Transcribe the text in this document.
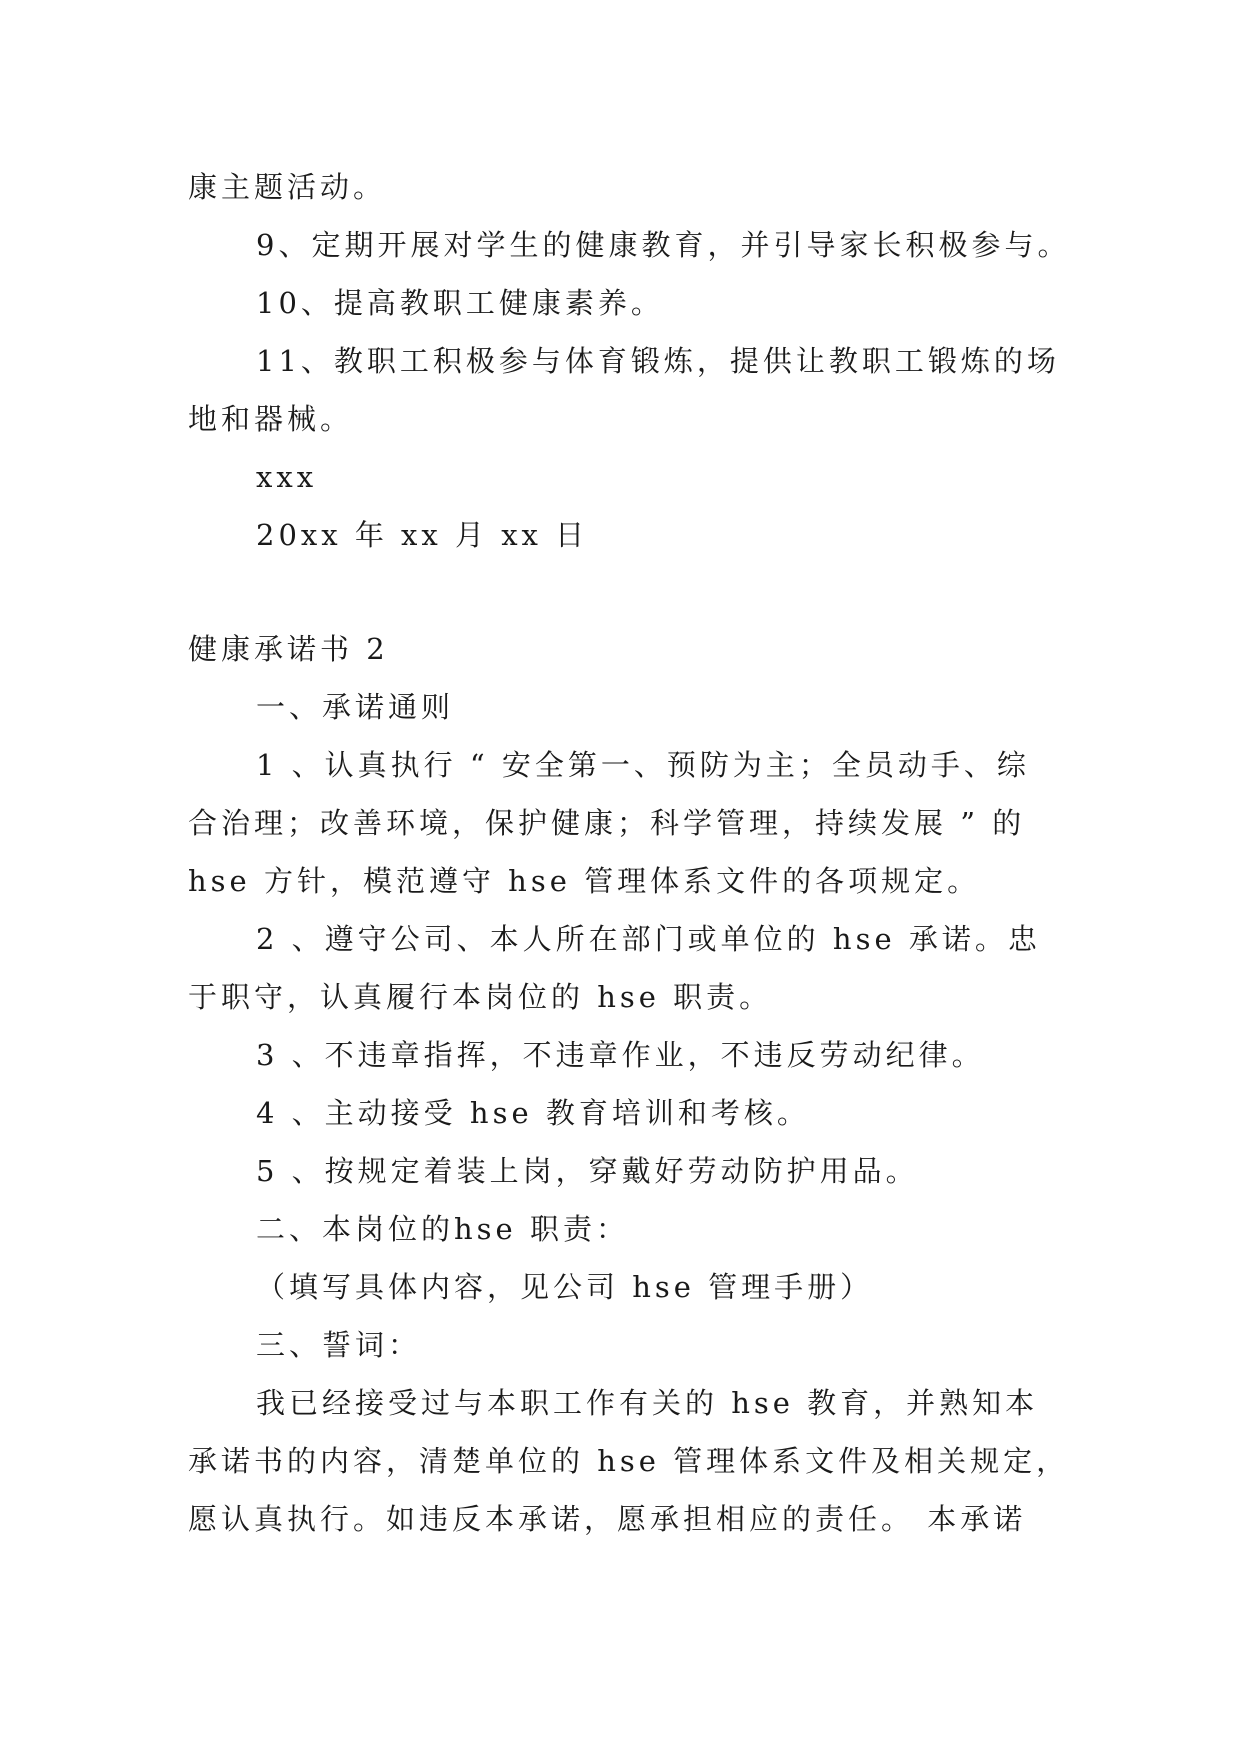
康主题活动。

9、定期开展对学生的健康教育，并引导家长积极参与。

10、提高教职工健康素养。

11、教职工积极参与体育锻炼，提供让教职工锻炼的场

地和器械。

xxx

20xx 年 xx 月 xx 日

健康承诺书 2

一、承诺通则

1 、认真执行 “ 安全第一、预防为主；全员动手、综

合治理；改善环境，保护健康；科学管理，持续发展 ” 的

hse 方针，模范遵守 hse 管理体系文件的各项规定。

2 、遵守公司、本人所在部门或单位的 hse 承诺。忠

于职守，认真履行本岗位的 hse 职责。

3 、不违章指挥，不违章作业，不违反劳动纪律。

4 、主动接受 hse 教育培训和考核。

5 、按规定着装上岗，穿戴好劳动防护用品。

二、本岗位的hse 职责：

（填写具体内容，见公司 hse 管理手册）

三、誓词：

我已经接受过与本职工作有关的 hse 教育，并熟知本

承诺书的内容，清楚单位的 hse 管理体系文件及相关规定，

愿认真执行。如违反本承诺，愿承担相应的责任。 本承诺
